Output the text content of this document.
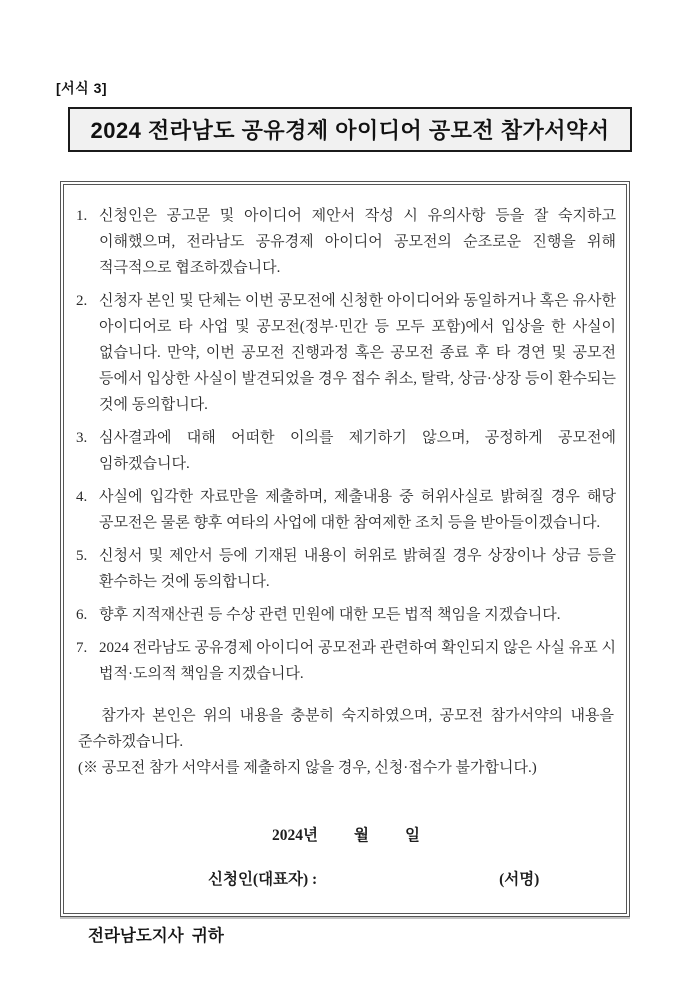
[서식 3]
2024 전라남도 공유경제 아이디어 공모전 참가서약서
1. 신청인은 공고문 및 아이디어 제안서 작성 시 유의사항 등을 잘 숙지하고 이해했으며, 전라남도 공유경제 아이디어 공모전의 순조로운 진행을 위해 적극적으로 협조하겠습니다.
2. 신청자 본인 및 단체는 이번 공모전에 신청한 아이디어와 동일하거나 혹은 유사한 아이디어로 타 사업 및 공모전(정부·민간 등 모두 포함)에서 입상을 한 사실이 없습니다. 만약, 이번 공모전 진행과정 혹은 공모전 종료 후 타 경연 및 공모전 등에서 입상한 사실이 발견되었을 경우 접수 취소, 탈락, 상금·상장 등이 환수되는 것에 동의합니다.
3. 심사결과에 대해 어떠한 이의를 제기하기 않으며, 공정하게 공모전에 임하겠습니다.
4. 사실에 입각한 자료만을 제출하며, 제출내용 중 허위사실로 밝혀질 경우 해당 공모전은 물론 향후 여타의 사업에 대한 참여제한 조치 등을 받아들이겠습니다.
5. 신청서 및 제안서 등에 기재된 내용이 허위로 밝혀질 경우 상장이나 상금 등을 환수하는 것에 동의합니다.
6. 향후 지적재산권 등 수상 관련 민원에 대한 모든 법적 책임을 지겠습니다.
7. 2024 전라남도 공유경제 아이디어 공모전과 관련하여 확인되지 않은 사실 유포 시 법적·도의적 책임을 지겠습니다.

참가자 본인은 위의 내용을 충분히 숙지하였으며, 공모전 참가서약의 내용을 준수하겠습니다.

(※ 공모전 참가 서약서를 제출하지 않을 경우, 신청·접수가 불가합니다.)

2024년 월 일
신청인(대표자) :	(서명)
전라남도지사  귀하
